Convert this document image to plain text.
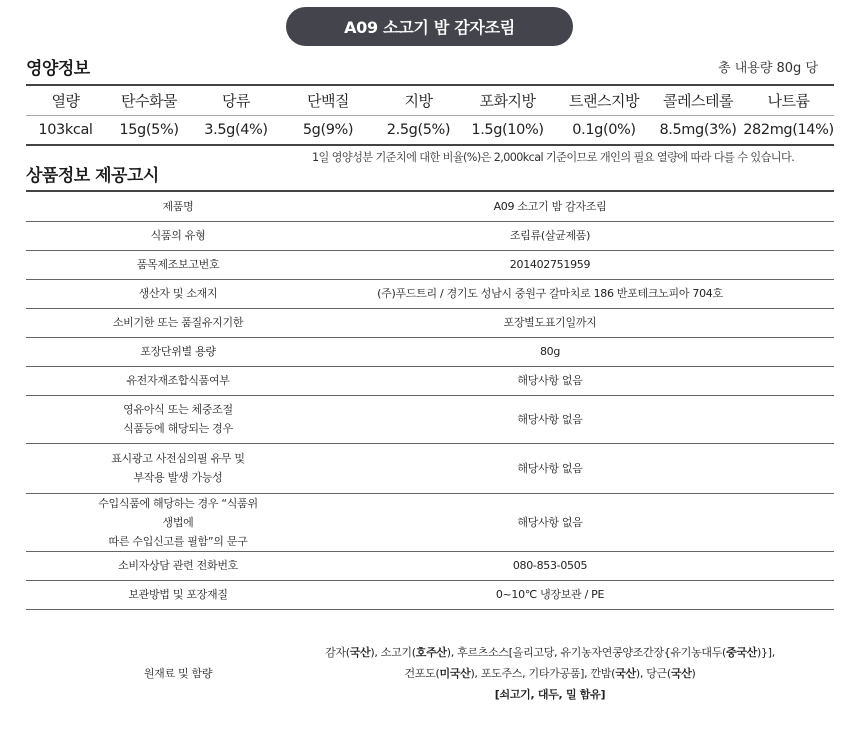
A09 소고기 밤 감자조림
영양정보	총 내용량 80g 당
열량	탄수화물	당류	단백질	지방	포화지방	트랜스지방	콜레스테롤	나트륨
103kcal	15g(5%)	3.5g(4%)	5g(9%)	2.5g(5%)	1.5g(10%)	0.1g(0%)	8.5mg(3%)	282mg(14%)
1일 영양성분 기준치에 대한 비율(%)은 2,000kcal 기준이므로 개인의 필요 열량에 따라 다를 수 있습니다.
상품정보 제공고시
제품명	A09 소고기 밤 감자조림

식품의 유형	조림류(살균제품)

품목제조보고번호	201402751959

생산자 및 소재지	(주)푸드트리 / 경기도 성남시 중원구 갈마치로 186 반포테크노피아 704호

소비기한 또는 품질유지기한	포장별도표기일까지

포장단위별 용량	80g

유전자재조합식품여부	해당사항 없음

영유아식 또는 체중조절
식품등에 해당되는 경우	해당사항 없음

표시광고 사전심의필 유무 및
부작용 발생 가능성	해당사항 없음

수입식품에 해당하는 경우 “식품위생법에
따른 수입신고를 필함”의 문구	해당사항 없음

소비자상담 관련 전화번호	080-853-0505

보관방법 및 포장재질	0~10℃ 냉장보관 / PE
원재료 및 함량	감자(국산), 소고기(호주산), 후르츠소스[올리고당, 유기농자연콩양조간장{유기농대두(중국산)}],
건포도(미국산), 포도주스, 기타가공품], 깐밤(국산), 당근(국산)
[쇠고기, 대두, 밀 함유]
